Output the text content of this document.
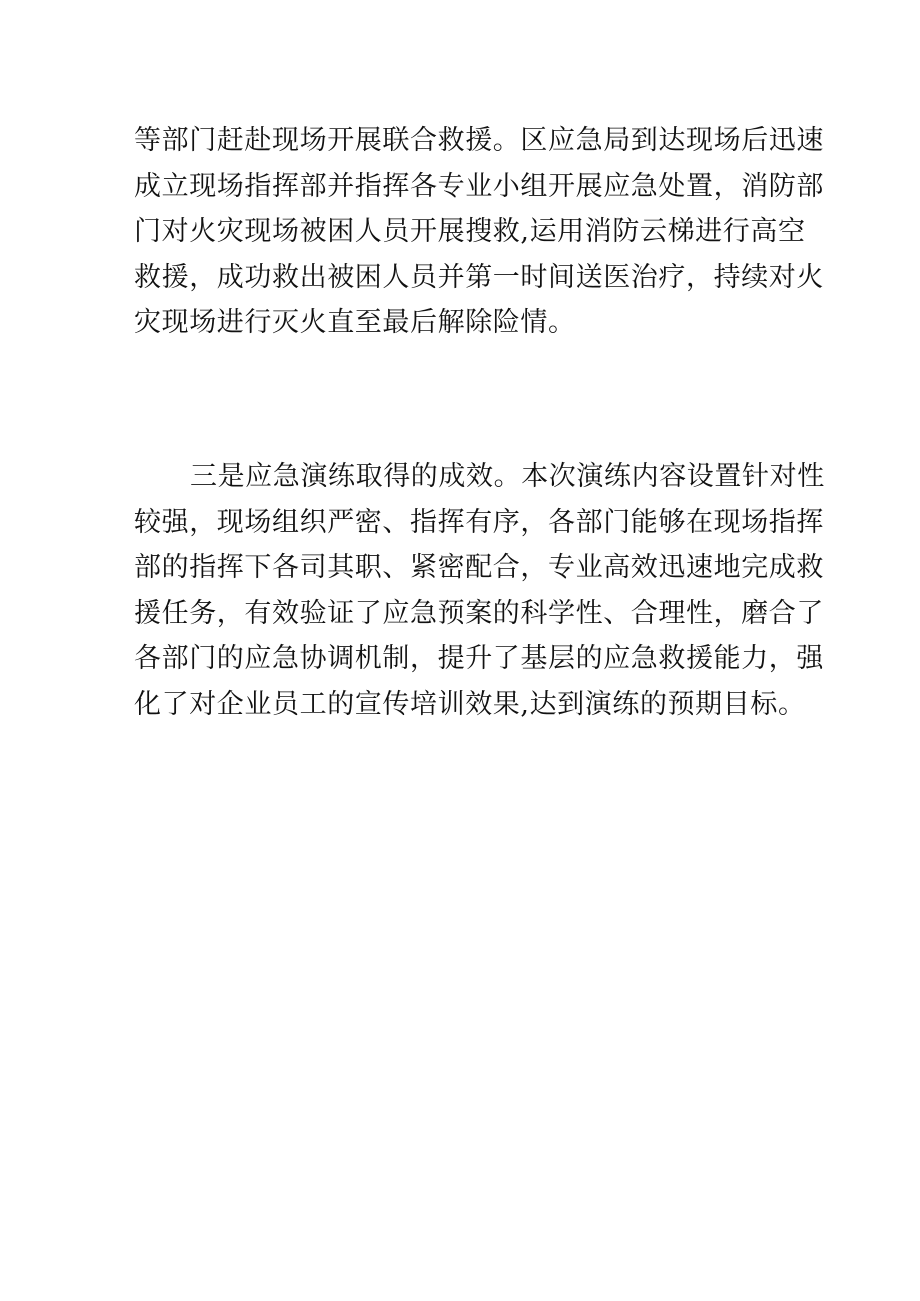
等部门赶赴现场开展联合救援。区应急局到达现场后迅速
成立现场指挥部并指挥各专业小组开展应急处置，消防部
门对火灾现场被困人员开展搜救,运用消防云梯进行高空
救援，成功救出被困人员并第一时间送医治疗，持续对火
灾现场进行灭火直至最后解除险情。
三是应急演练取得的成效。本次演练内容设置针对性
较强，现场组织严密、指挥有序，各部门能够在现场指挥
部的指挥下各司其职、紧密配合，专业高效迅速地完成救
援任务，有效验证了应急预案的科学性、合理性，磨合了
各部门的应急协调机制，提升了基层的应急救援能力，强
化了对企业员工的宣传培训效果,达到演练的预期目标。
